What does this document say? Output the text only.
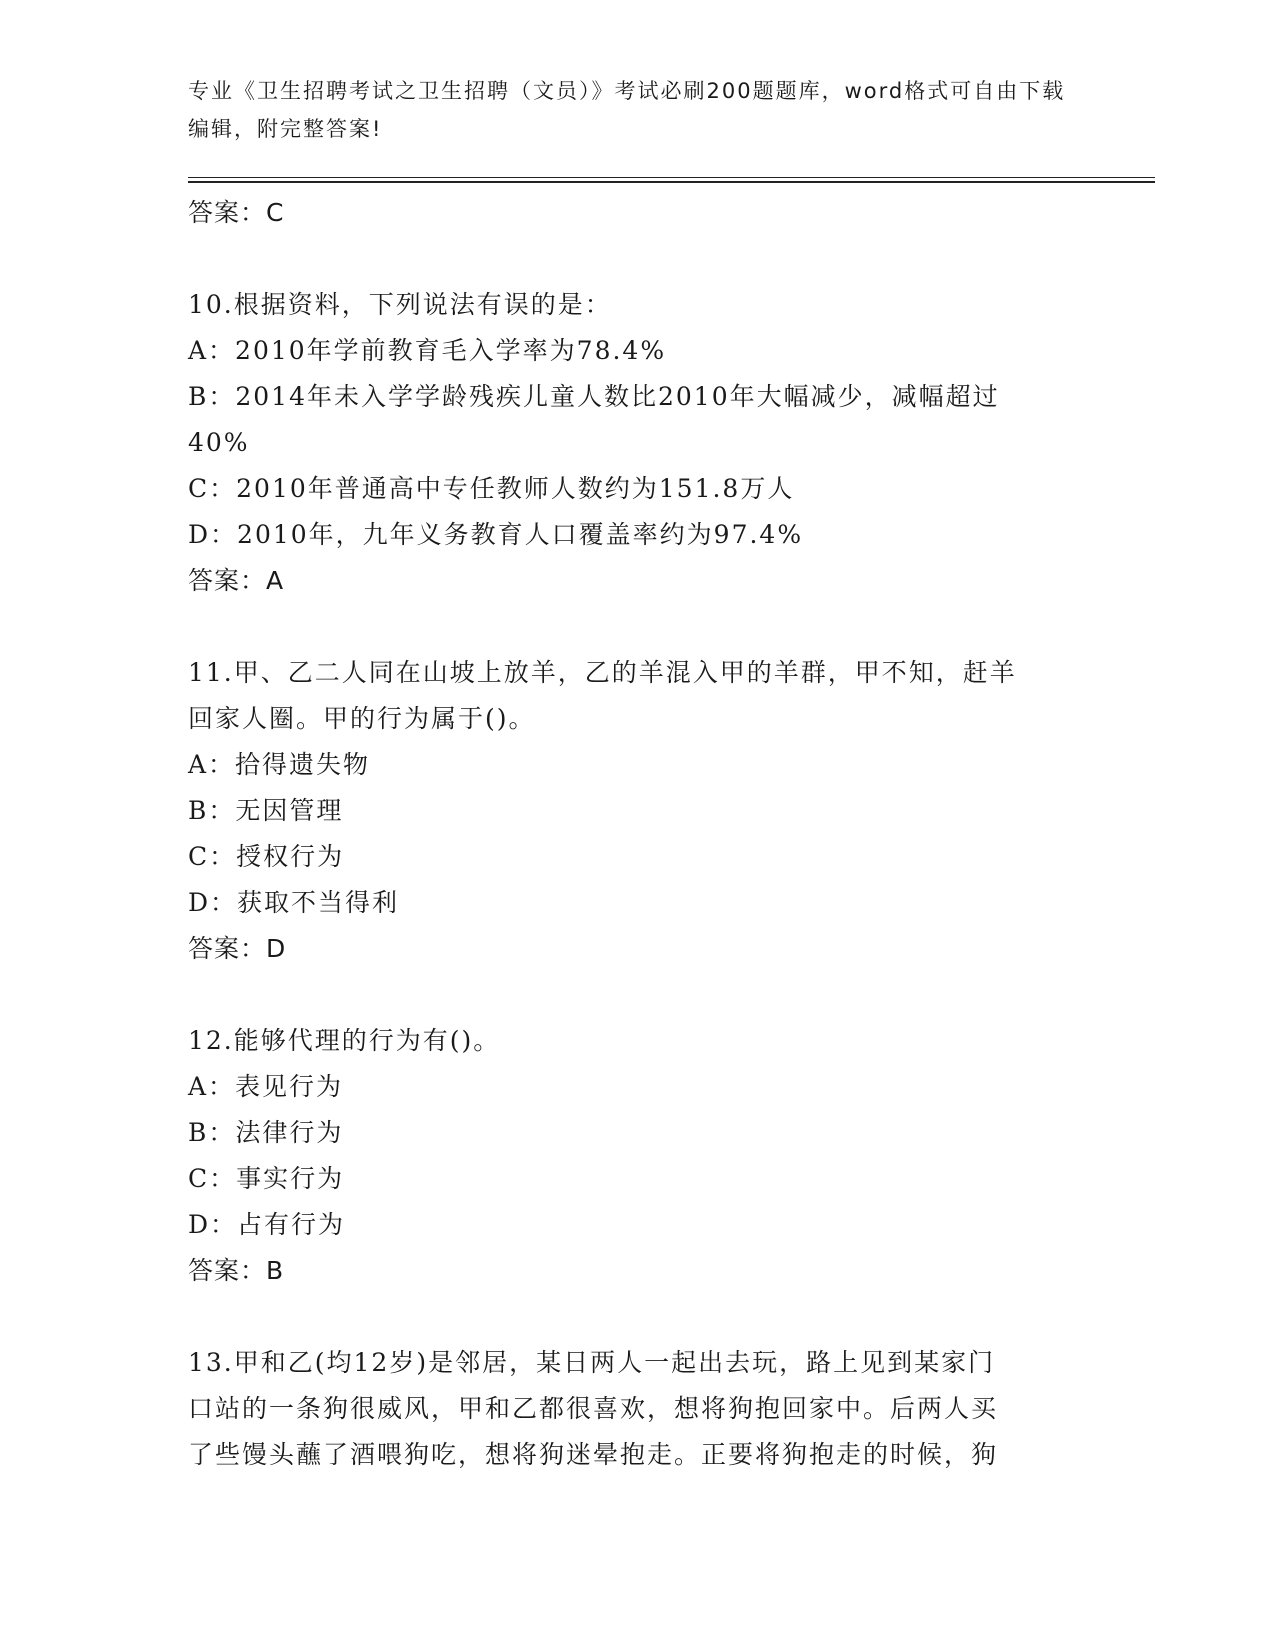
专业《卫生招聘考试之卫生招聘（文员）》考试必刷200题题库，word格式可自由下载编辑，附完整答案!
答案：C
10.根据资料，下列说法有误的是：
A：2010年学前教育毛入学率为78.4%
B：2014年未入学学龄残疾儿童人数比2010年大幅减少，减幅超过
40%
C：2010年普通高中专任教师人数约为151.8万人
D：2010年，九年义务教育人口覆盖率约为97.4%
答案：A
11.甲、乙二人同在山坡上放羊，乙的羊混入甲的羊群，甲不知，赶羊
回家人圈。甲的行为属于()。
A：拾得遗失物
B：无因管理
C：授权行为
D：获取不当得利
答案：D
12.能够代理的行为有()。
A：表见行为
B：法律行为
C：事实行为
D：占有行为
答案：B
13.甲和乙(均12岁)是邻居，某日两人一起出去玩，路上见到某家门
口站的一条狗很威风，甲和乙都很喜欢，想将狗抱回家中。后两人买
了些馒头蘸了酒喂狗吃，想将狗迷晕抱走。正要将狗抱走的时候，狗
